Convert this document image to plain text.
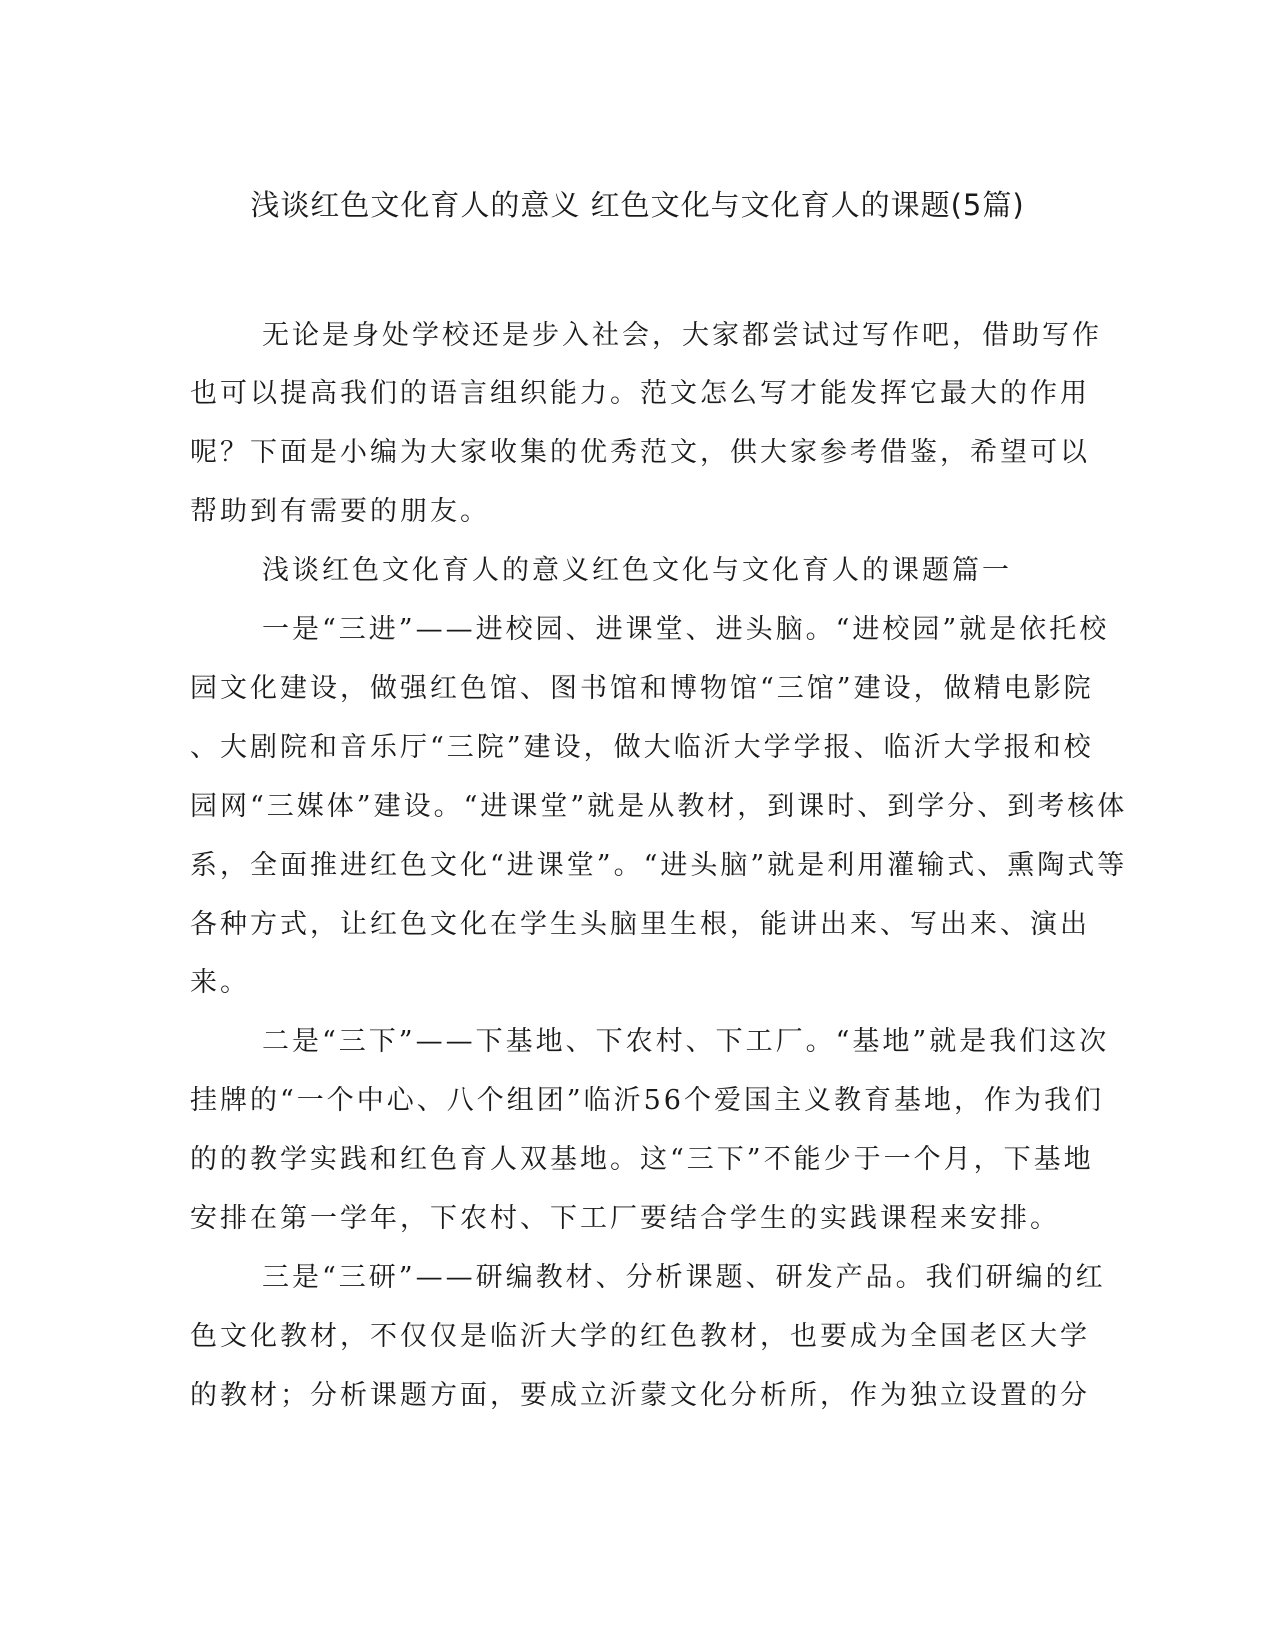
浅谈红色文化育人的意义 红色文化与文化育人的课题(5篇)
无论是身处学校还是步入社会，大家都尝试过写作吧，借助写作
也可以提高我们的语言组织能力。范文怎么写才能发挥它最大的作用
呢？下面是小编为大家收集的优秀范文，供大家参考借鉴，希望可以
帮助到有需要的朋友。
浅谈红色文化育人的意义红色文化与文化育人的课题篇一
一是“三进”——进校园、进课堂、进头脑。“进校园”就是依托校
园文化建设，做强红色馆、图书馆和博物馆“三馆”建设，做精电影院
、大剧院和音乐厅“三院”建设，做大临沂大学学报、临沂大学报和校
园网“三媒体”建设。“进课堂”就是从教材，到课时、到学分、到考核体
系，全面推进红色文化“进课堂”。“进头脑”就是利用灌输式、熏陶式等
各种方式，让红色文化在学生头脑里生根，能讲出来、写出来、演出
来。
二是“三下”——下基地、下农村、下工厂。“基地”就是我们这次
挂牌的“一个中心、八个组团”临沂56个爱国主义教育基地，作为我们
的的教学实践和红色育人双基地。这“三下”不能少于一个月，下基地
安排在第一学年，下农村、下工厂要结合学生的实践课程来安排。
三是“三研”——研编教材、分析课题、研发产品。我们研编的红
色文化教材，不仅仅是临沂大学的红色教材，也要成为全国老区大学
的教材；分析课题方面，要成立沂蒙文化分析所，作为独立设置的分
